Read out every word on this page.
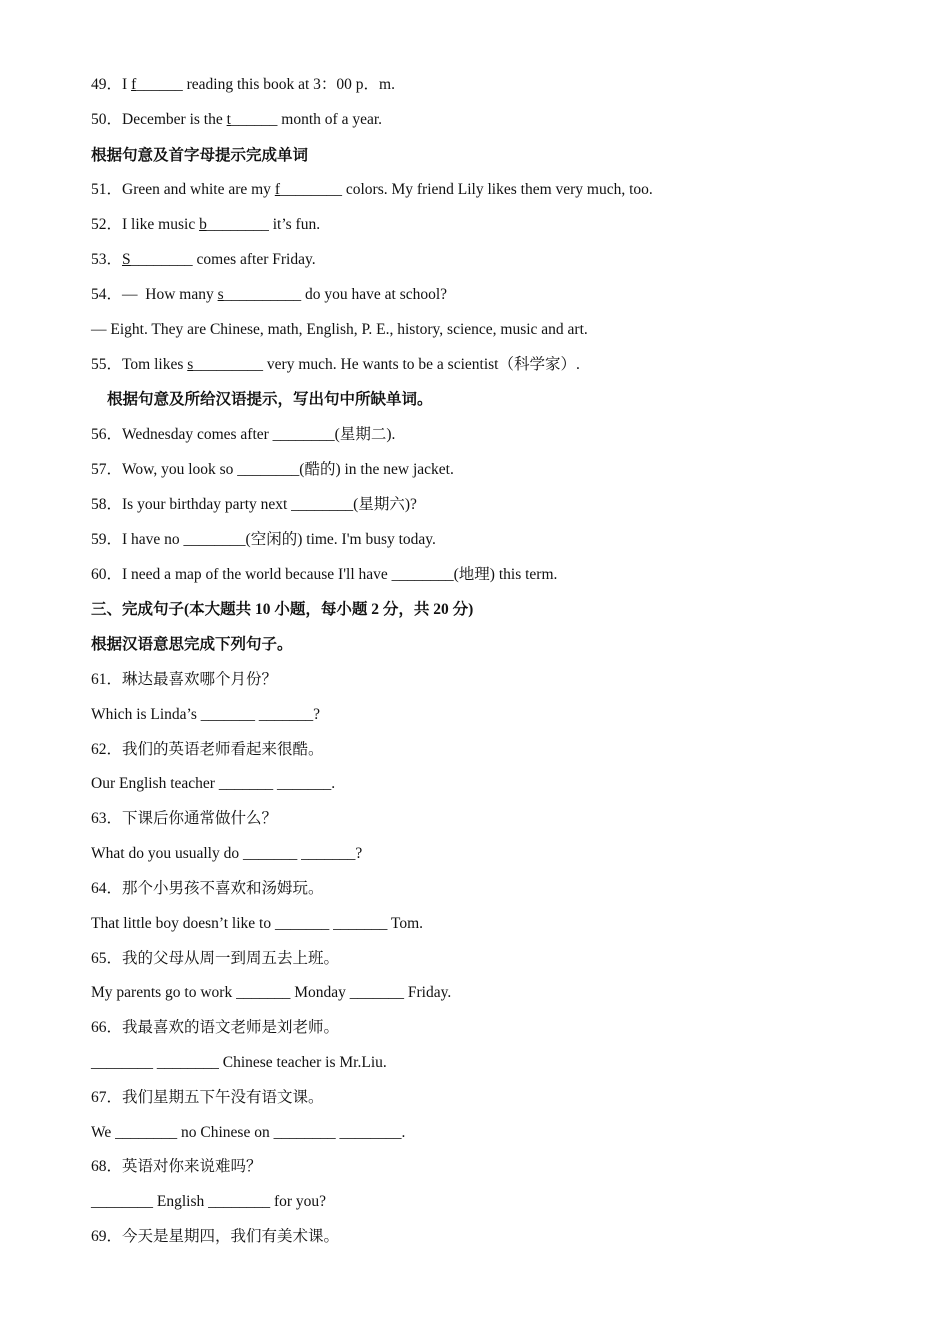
49．I f______ reading this book at 3：00 p．m.
50．December is the t______ month of a year.
根据句意及首字母提示完成单词
51．Green and white are my f________ colors. My friend Lily likes them very much, too.
52．I like music b________ it’s fun.
53．S________ comes after Friday.
54．—  How many s__________ do you have at school?
— Eight. They are Chinese, math, English, P. E., history, science, music and art.
55．Tom likes s_________ very much. He wants to be a scientist（科学家）.
根据句意及所给汉语提示，写出句中所缺单词。
56．Wednesday comes after ________(星期二).
57．Wow, you look so ________(酷的) in the new jacket.
58．Is your birthday party next ________(星期六)?
59．I have no ________(空闲的) time. I'm busy today.
60．I need a map of the world because I'll have ________(地理) this term.
三、完成句子(本大题共 10 小题，每小题 2 分，共 20 分)
根据汉语意思完成下列句子。
61．琳达最喜欢哪个月份？
Which is Linda’s _______ _______?
62．我们的英语老师看起来很酷。
Our English teacher _______ _______.
63．下课后你通常做什么？
What do you usually do _______ _______?
64．那个小男孩不喜欢和汤姆玩。
That little boy doesn’t like to _______ _______ Tom.
65．我的父母从周一到周五去上班。
My parents go to work _______ Monday _______ Friday.
66．我最喜欢的语文老师是刘老师。
________ ________ Chinese teacher is Mr.Liu.
67．我们星期五下午没有语文课。
We ________ no Chinese on ________ ________.
68．英语对你来说难吗？
________ English ________ for you?
69．今天是星期四，我们有美术课。
